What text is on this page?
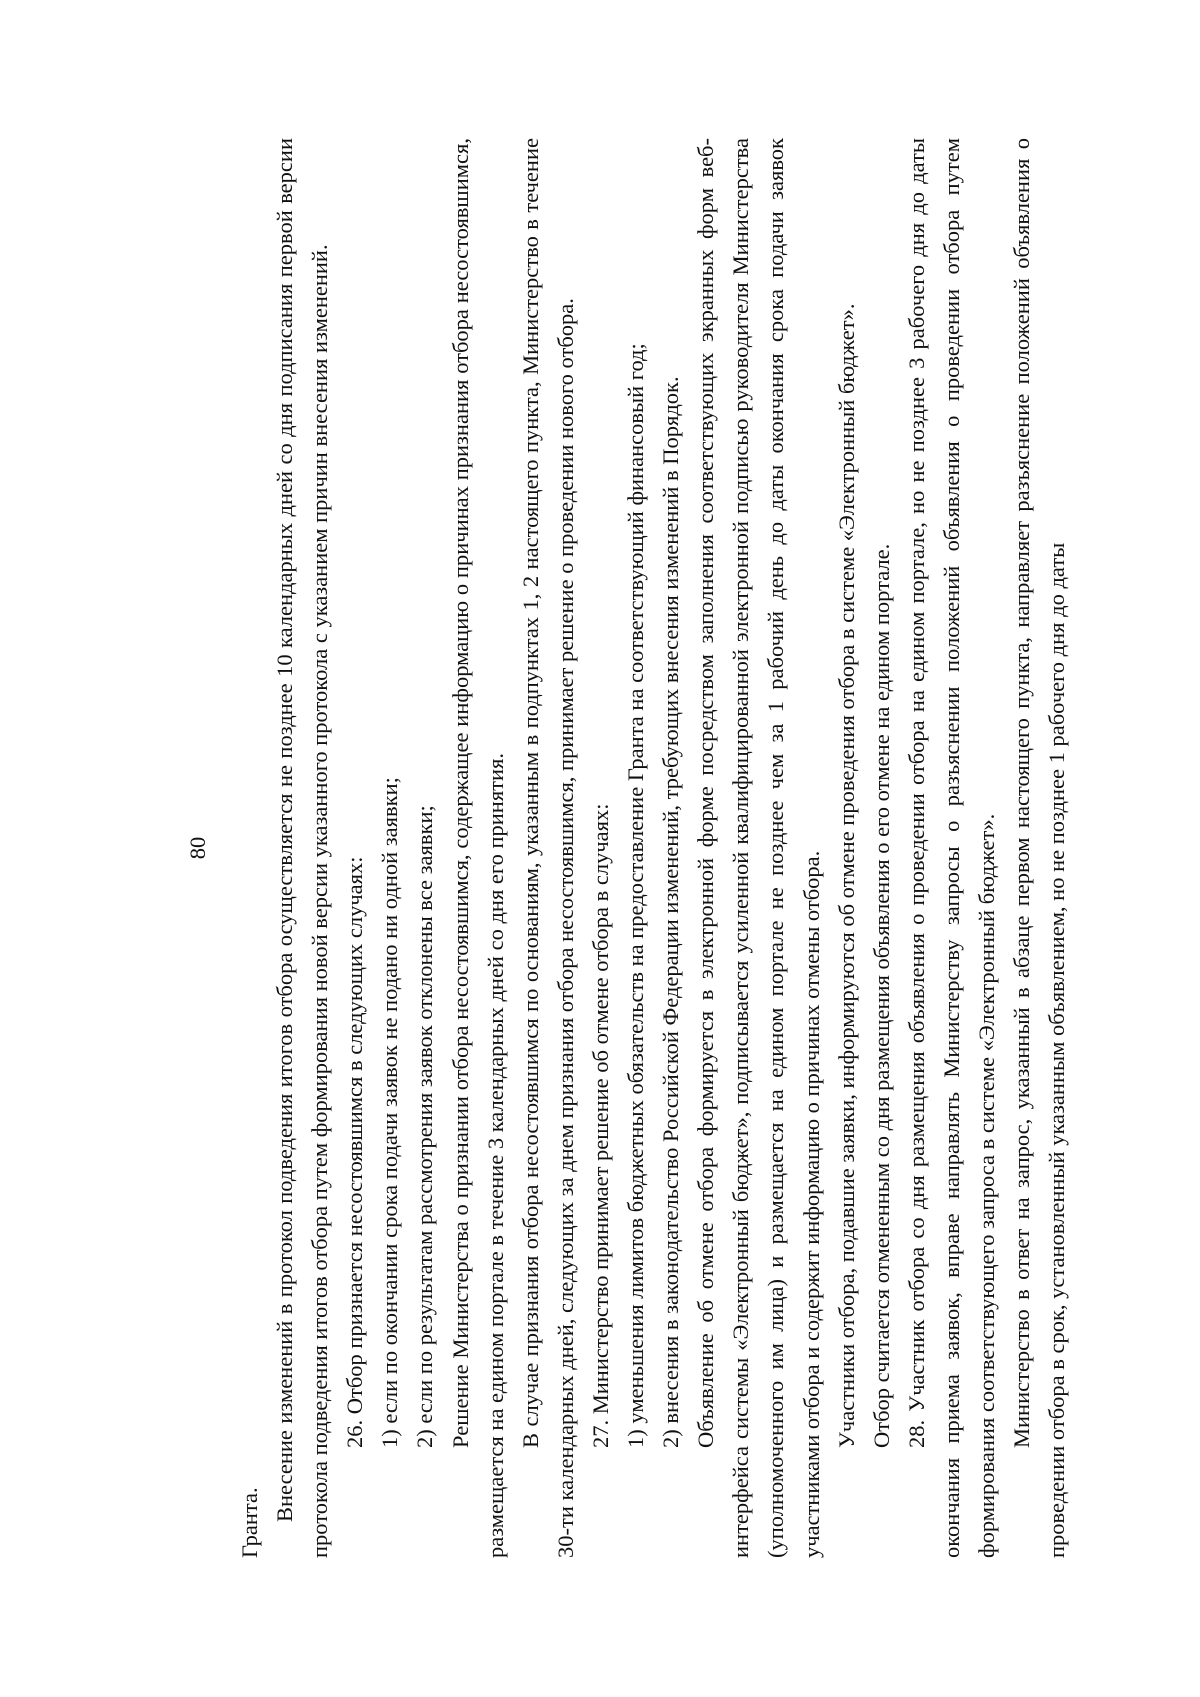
80

Гранта.

Внесение изменений в протокол подведения итогов отбора осуществляется не позднее 10 календарных дней со дня подписания первой версии протокола подведения итогов отбора путем формирования новой версии указанного протокола с указанием причин внесения изменений. 26. Отбор признается несостоявшимся в следующих случаях: 1) если по окончании срока подачи заявок не подано ни одной заявки; 2) если по результатам рассмотрения заявок отклонены все заявки; Решение Министерства о признании отбора несостоявшимся, содержащее информацию о причинах признания отбора несостоявшимся, размещается на едином портале в течение 3 календарных дней со дня его принятия. В случае признания отбора несостоявшимся по основаниям, указанным в подпунктах 1, 2 настоящего пункта, Министерство в течение 30-ти календарных дней, следующих за днем признания отбора несостоявшимся, принимает решение о проведении нового отбора. 27. Министерство принимает решение об отмене отбора в случаях: 1) уменьшения лимитов бюджетных обязательств на предоставление Гранта на соответствующий финансовый год; 2) внесения в законодательство Российской Федерации изменений, требующих внесения изменений в Порядок. Объявление об отмене отбора формируется в электронной форме посредством заполнения соответствующих экранных форм веб-интерфейса системы «Электронный бюджет», подписывается усиленной квалифицированной электронной подписью руководителя Министерства (уполномоченного им лица) и размещается на едином портале не позднее чем за 1 рабочий день до даты окончания срока подачи заявок участниками отбора и содержит информацию о причинах отмены отбора. Участники отбора, подавшие заявки, информируются об отмене проведения отбора в системе «Электронный бюджет». Отбор считается отмененным со дня размещения объявления о его отмене на едином портале. 28. Участник отбора со дня размещения объявления о проведении отбора на едином портале, но не позднее 3 рабочего дня до даты окончания приема заявок, вправе направлять Министерству запросы о разъяснении положений объявления о проведении отбора путем формирования соответствующего запроса в системе «Электронный бюджет». Министерство в ответ на запрос, указанный в абзаце первом настоящего пункта, направляет разъяснение положений объявления о проведении отбора в срок, установленный указанным объявлением, но не позднее 1 рабочего дня до даты
